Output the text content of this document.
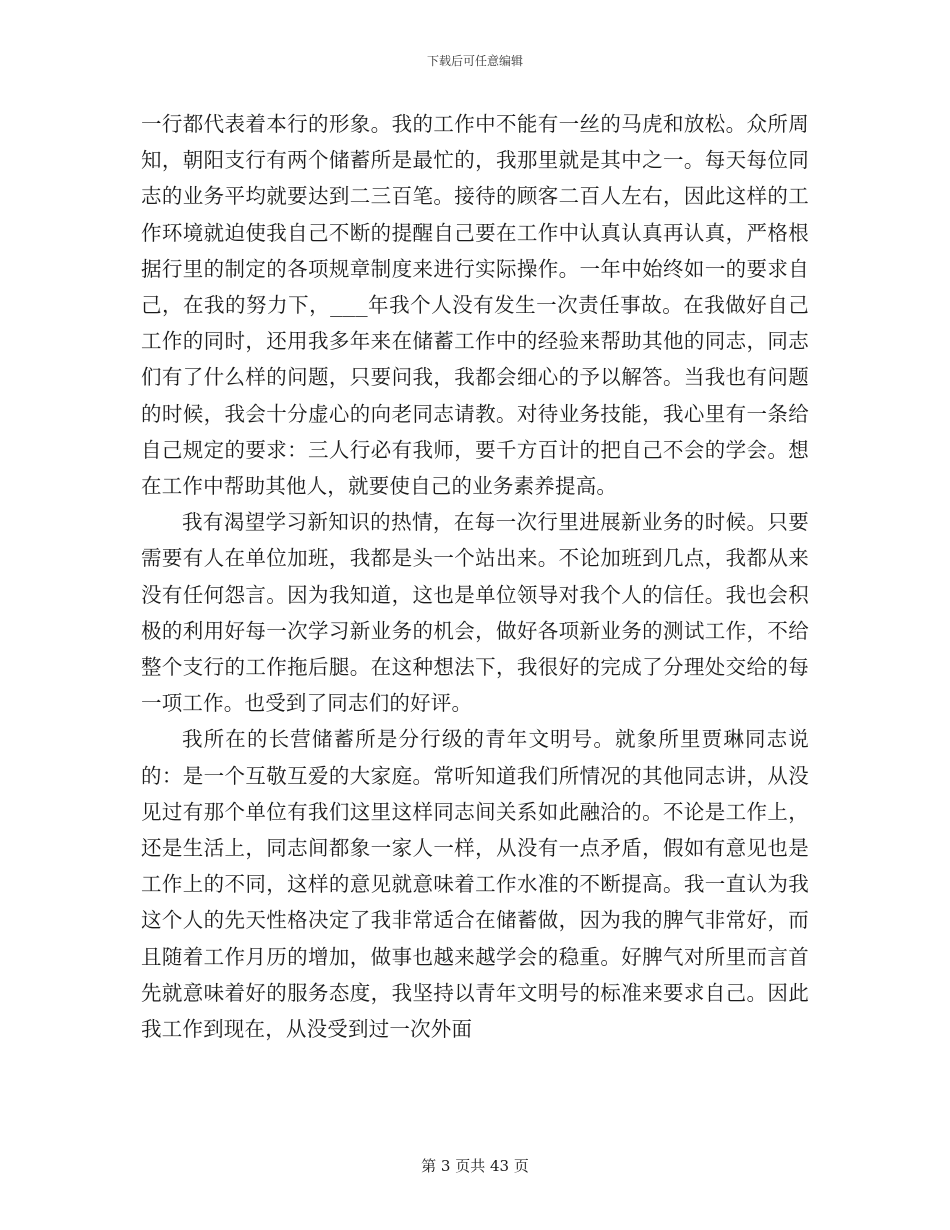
下载后可任意编辑

一行都代表着本行的形象。我的工作中不能有一丝的马虎和放松。众所周知，朝阳支行有两个储蓄所是最忙的，我那里就是其中之一。每天每位同志的业务平均就要达到二三百笔。接待的顾客二百人左右，因此这样的工作环境就迫使我自己不断的提醒自己要在工作中认真认真再认真，严格根据行里的制定的各项规章制度来进行实际操作。一年中始终如一的要求自己，在我的努力下，___年我个人没有发生一次责任事故。在我做好自己工作的同时，还用我多年来在储蓄工作中的经验来帮助其他的同志，同志们有了什么样的问题，只要问我，我都会细心的予以解答。当我也有问题的时候，我会十分虚心的向老同志请教。对待业务技能，我心里有一条给自己规定的要求：三人行必有我师，要千方百计的把自己不会的学会。想在工作中帮助其他人，就要使自己的业务素养提高。

我有渴望学习新知识的热情，在每一次行里进展新业务的时候。只要需要有人在单位加班，我都是头一个站出来。不论加班到几点，我都从来没有任何怨言。因为我知道，这也是单位领导对我个人的信任。我也会积极的利用好每一次学习新业务的机会，做好各项新业务的测试工作，不给整个支行的工作拖后腿。在这种想法下，我很好的完成了分理处交给的每一项工作。也受到了同志们的好评。

我所在的长营储蓄所是分行级的青年文明号。就象所里贾琳同志说的：是一个互敬互爱的大家庭。常听知道我们所情况的其他同志讲，从没见过有那个单位有我们这里这样同志间关系如此融洽的。不论是工作上，还是生活上，同志间都象一家人一样，从没有一点矛盾，假如有意见也是工作上的不同，这样的意见就意味着工作水准的不断提高。我一直认为我这个人的先天性格决定了我非常适合在储蓄做，因为我的脾气非常好，而且随着工作月历的增加，做事也越来越学会的稳重。好脾气对所里而言首先就意味着好的服务态度，我坚持以青年文明号的标准来要求自己。因此我工作到现在，从没受到过一次外面

第 3 页共 43 页
